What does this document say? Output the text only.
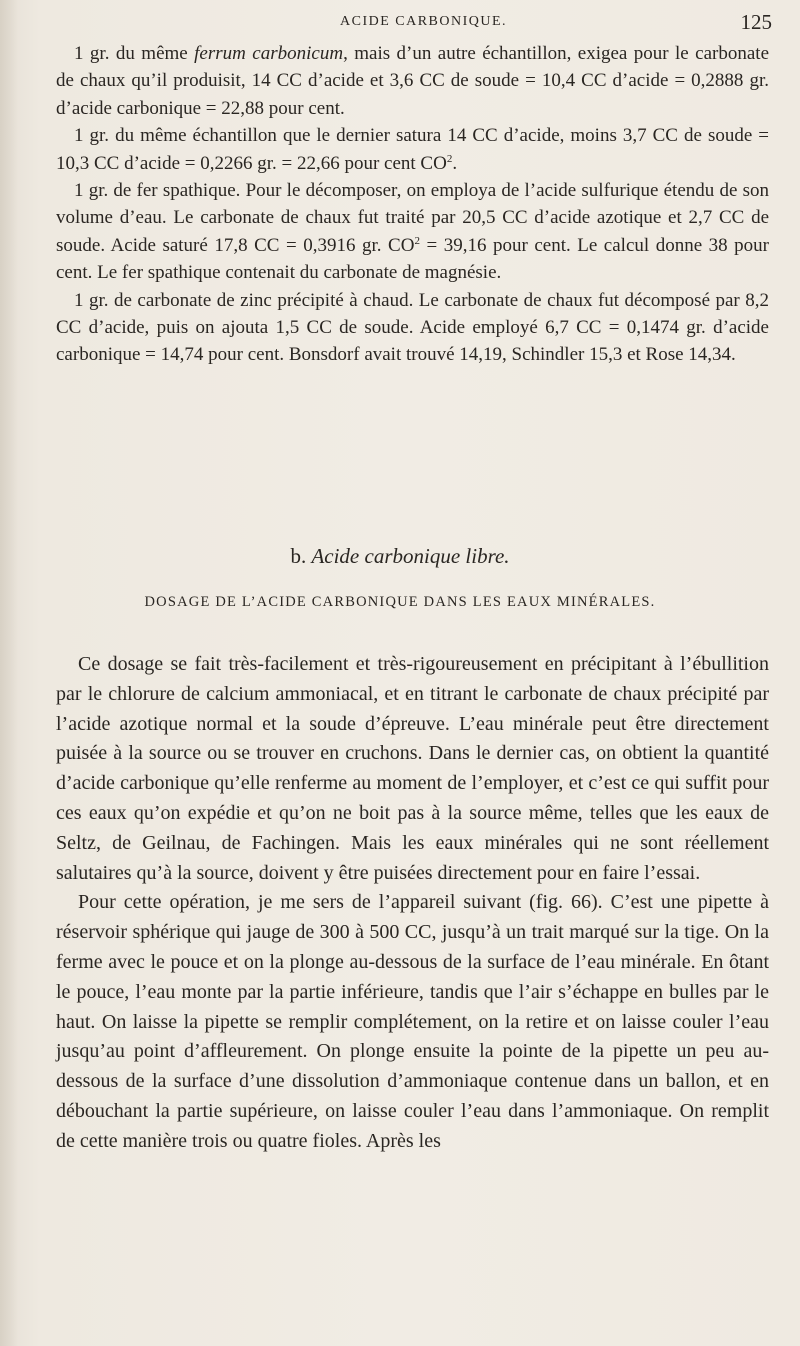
ACIDE CARBONIQUE.	125

1 gr. du même ferrum carbonicum, mais d’un autre échantillon, exigea pour le carbonate de chaux qu’il produisit, 14 CC d’acide et 3,6 CC de soude = 10,4 CC d’acide = 0,2888 gr. d’acide carbonique = 22,88 pour cent.

1 gr. du même échantillon que le dernier satura 14 CC d’acide, moins 3,7 CC de soude = 10,3 CC d’acide = 0,2266 gr. = 22,66 pour cent $CO^2$.

1 gr. de fer spathique. Pour le décomposer, on employa de l’acide sulfurique étendu de son volume d’eau. Le carbonate de chaux fut traité par 20,5 CC d’acide azotique et 2,7 CC de soude. Acide saturé 17,8 CC = 0,3916 gr. $CO^2 = 39,16$ pour cent. Le calcul donne 38 pour cent. Le fer spathique contenait du carbonate de magnésie.

1 gr. de carbonate de zinc précipité à chaud. Le carbonate de chaux fut décomposé par 8,2 CC d’acide, puis on ajouta 1,5 CC de soude. Acide employé 6,7 CC = 0,1474 gr. d’acide carbonique = 14,74 pour cent. Bonsdorf avait trouvé 14,19, Schindler 15,3 et Rose 14,34.

b. Acide carbonique libre.
DOSAGE DE L’ACIDE CARBONIQUE DANS LES EAUX MINÉRALES.

Ce dosage se fait très-facilement et très-rigoureusement en précipitant à l’ébullition par le chlorure de calcium ammoniacal, et en titrant le carbonate de chaux précipité par l’acide azotique normal et la soude d’épreuve. L’eau minérale peut être directement puisée à la source ou se trouver en cruchons. Dans le dernier cas, on obtient la quantité d’acide carbonique qu’elle renferme au moment de l’employer, et c’est ce qui suffit pour ces eaux qu’on expédie et qu’on ne boit pas à la source même, telles que les eaux de Seltz, de Geilnau, de Fachingen. Mais les eaux minérales qui ne sont réellement salutaires qu’à la source, doivent y être puisées directement pour en faire l’essai.

Pour cette opération, je me sers de l’appareil suivant (fig. 66). C’est une pipette à réservoir sphérique qui jauge de 300 à 500 CC, jusqu’à un trait marqué sur la tige. On la ferme avec le pouce et on la plonge au-dessous de la surface de l’eau minérale. En ôtant le pouce, l’eau monte par la partie inférieure, tandis que l’air s’échappe en bulles par le haut. On laisse la pipette se remplir complétement, on la retire et on laisse couler l’eau jusqu’au point d’affleurement. On plonge ensuite la pointe de la pipette un peu au-dessous de la surface d’une dissolution d’ammoniaque contenue dans un ballon, et en débouchant la partie supérieure, on laisse couler l’eau dans l’ammoniaque. On remplit de cette manière trois ou quatre fioles. Après les
